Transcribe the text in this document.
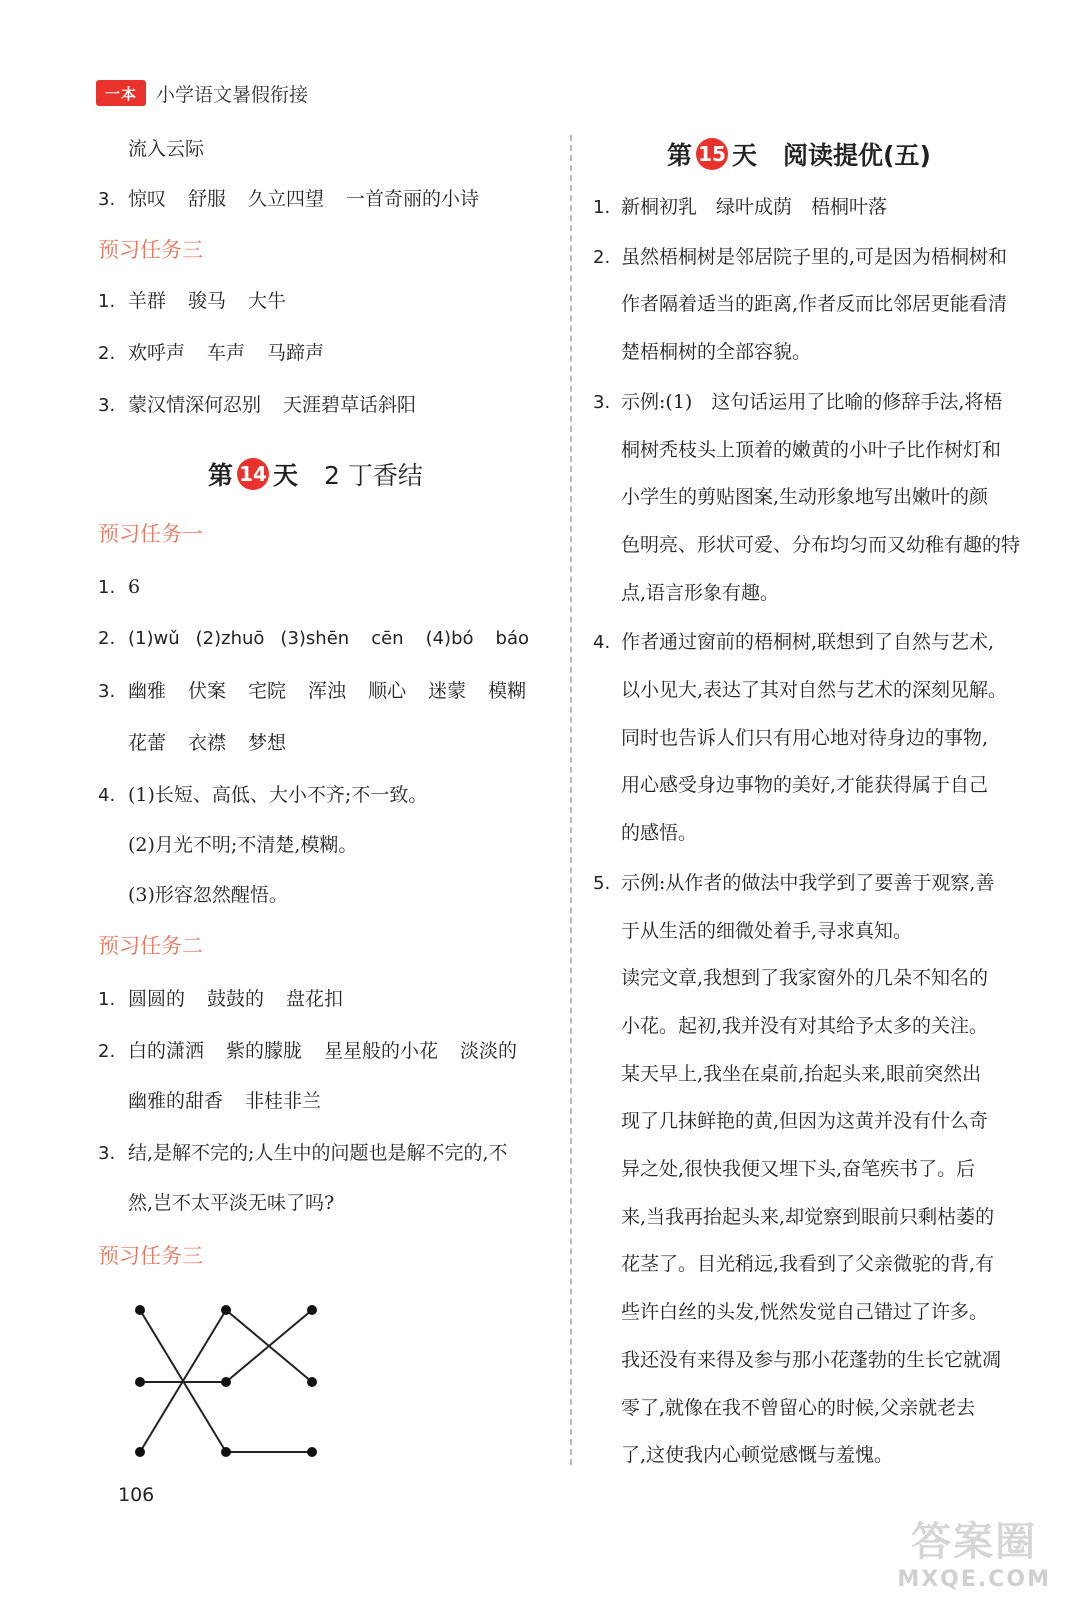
一本	小学语文暑假衔接
流入云际
3. 惊叹 舒服 久立四望 一首奇丽的小诗
预习任务三
1. 羊群 骏马 大牛
2. 欢呼声 车声 马蹄声
3. 蒙汉情深何忍别 天涯碧草话斜阳
第 14 天 2 丁香结
预习任务一
1. 6
2. (1)wǔ (2)zhuō (3)shēn cēn (4)bó báo
3. 幽雅 伏案 宅院 浑浊 顺心 迷蒙 模糊
花蕾 衣襟 梦想
4. (1)长短、高低、大小不齐;不一致。
(2)月光不明;不清楚,模糊。
(3)形容忽然醒悟。
预习任务二
1. 圆圆的 鼓鼓的 盘花扣
2. 白的潇洒 紫的朦胧 星星般的小花 淡淡的
幽雅的甜香 非桂非兰
3. 结,是解不完的;人生中的问题也是解不完的,不
然,岂不太平淡无味了吗?
预习任务三
106
第 15 天 阅读提优(五)
1. 新桐初乳　绿叶成荫　梧桐叶落
2. 虽然梧桐树是邻居院子里的,可是因为梧桐树和
作者隔着适当的距离,作者反而比邻居更能看清
楚梧桐树的全部容貌。
3. 示例:(1)　这句话运用了比喻的修辞手法,将梧
桐树秃枝头上顶着的嫩黄的小叶子比作树灯和
小学生的剪贴图案,生动形象地写出嫩叶的颜
色明亮、形状可爱、分布均匀而又幼稚有趣的特
点,语言形象有趣。
4. 作者通过窗前的梧桐树,联想到了自然与艺术,
以小见大,表达了其对自然与艺术的深刻见解。
同时也告诉人们只有用心地对待身边的事物,
用心感受身边事物的美好,才能获得属于自己
的感悟。
5. 示例:从作者的做法中我学到了要善于观察,善
于从生活的细微处着手,寻求真知。
读完文章,我想到了我家窗外的几朵不知名的
小花。起初,我并没有对其给予太多的关注。
某天早上,我坐在桌前,抬起头来,眼前突然出
现了几抹鲜艳的黄,但因为这黄并没有什么奇
异之处,很快我便又埋下头,奋笔疾书了。后
来,当我再抬起头来,却觉察到眼前只剩枯萎的
花茎了。目光稍远,我看到了父亲微驼的背,有
些许白丝的头发,恍然发觉自己错过了许多。
我还没有来得及参与那小花蓬勃的生长它就凋
零了,就像在我不曾留心的时候,父亲就老去
了,这使我内心顿觉感慨与羞愧。
答案圈
MXQE.COM
